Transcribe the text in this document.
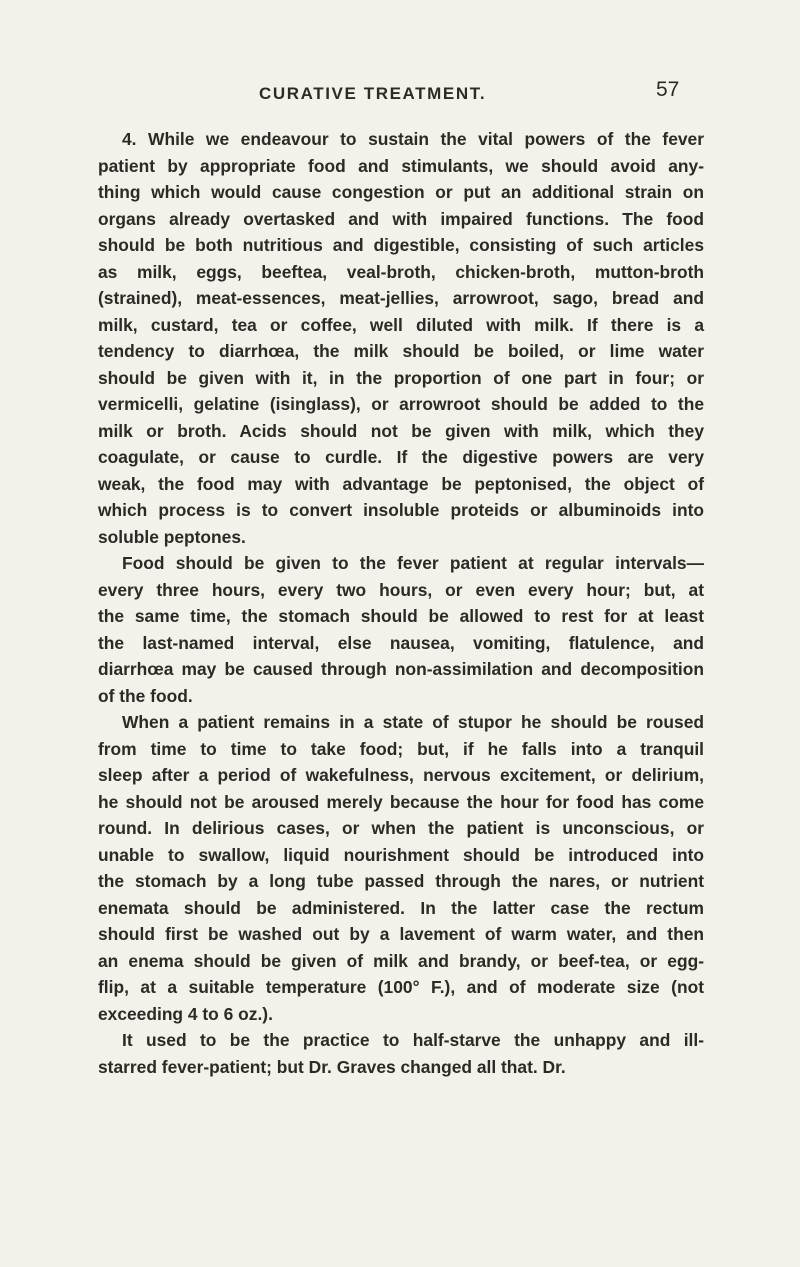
CURATIVE TREATMENT.	57
4. While we endeavour to sustain the vital powers of the fever
patient by appropriate food and stimulants, we should avoid any-
thing which would cause congestion or put an additional strain on
organs already overtasked and with impaired functions. The food
should be both nutritious and digestible, consisting of such articles
as milk, eggs, beeftea, veal-broth, chicken-broth, mutton-broth
(strained), meat-essences, meat-jellies, arrowroot, sago, bread and
milk, custard, tea or coffee, well diluted with milk. If there is a
tendency to diarrhœa, the milk should be boiled, or lime water
should be given with it, in the proportion of one part in four; or
vermicelli, gelatine (isinglass), or arrowroot should be added to the
milk or broth. Acids should not be given with milk, which they
coagulate, or cause to curdle. If the digestive powers are very
weak, the food may with advantage be peptonised, the object of
which process is to convert insoluble proteids or albuminoids into
soluble peptones.
Food should be given to the fever patient at regular intervals—
every three hours, every two hours, or even every hour; but, at
the same time, the stomach should be allowed to rest for at least
the last-named interval, else nausea, vomiting, flatulence, and
diarrhœa may be caused through non-assimilation and decomposition
of the food.
When a patient remains in a state of stupor he should be roused
from time to time to take food; but, if he falls into a tranquil
sleep after a period of wakefulness, nervous excitement, or delirium,
he should not be aroused merely because the hour for food has come
round. In delirious cases, or when the patient is unconscious, or
unable to swallow, liquid nourishment should be introduced into
the stomach by a long tube passed through the nares, or nutrient
enemata should be administered. In the latter case the rectum
should first be washed out by a lavement of warm water, and then
an enema should be given of milk and brandy, or beef-tea, or egg-
flip, at a suitable temperature (100° F.), and of moderate size (not
exceeding 4 to 6 oz.).
It used to be the practice to half-starve the unhappy and ill-
starred fever-patient; but Dr. Graves changed all that. Dr.
